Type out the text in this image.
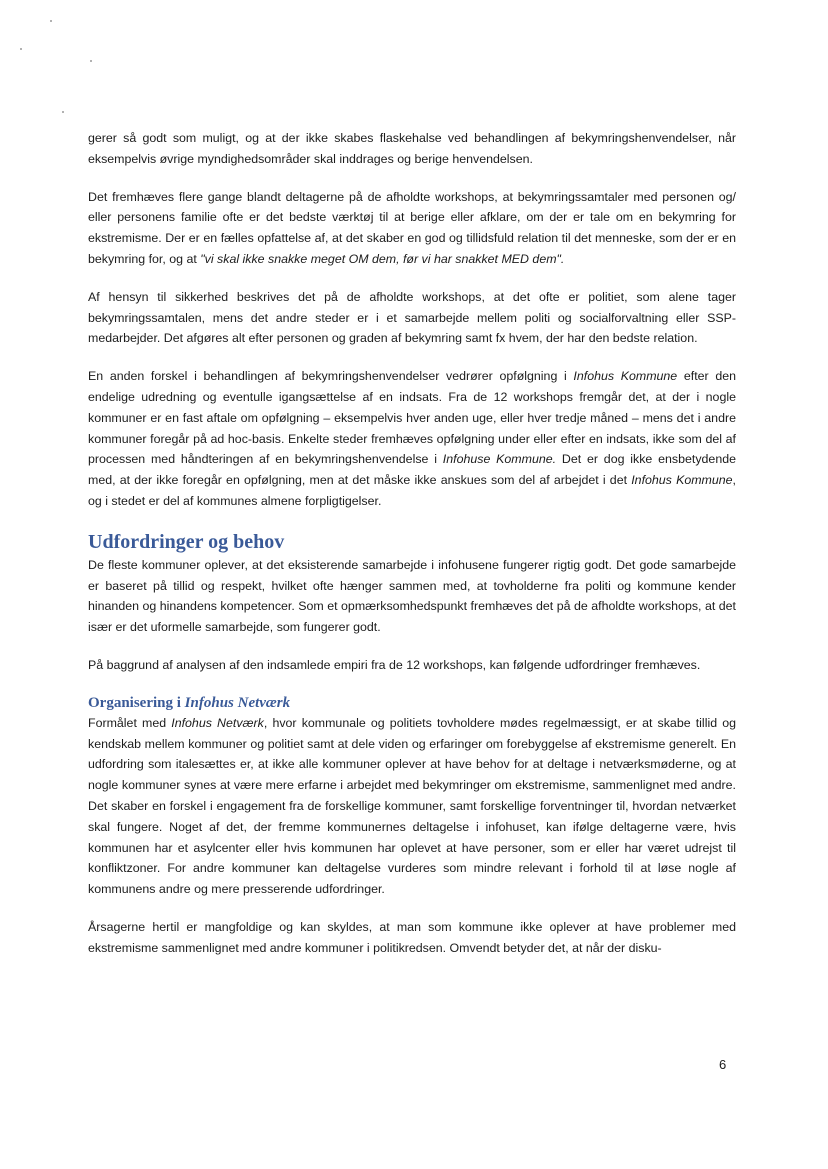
gerer så godt som muligt, og at der ikke skabes flaskehalse ved behandlingen af bekymringshenvendelser, når eksempelvis øvrige myndighedsområder skal inddrages og berige henvendelsen.

Det fremhæves flere gange blandt deltagerne på de afholdte workshops, at bekymringssamtaler med personen og/ eller personens familie ofte er det bedste værktøj til at berige eller afklare, om der er tale om en bekymring for ekstremisme. Der er en fælles opfattelse af, at det skaber en god og tillidsfuld relation til det menneske, som der er en bekymring for, og at "vi skal ikke snakke meget OM dem, før vi har snakket MED dem".

Af hensyn til sikkerhed beskrives det på de afholdte workshops, at det ofte er politiet, som alene tager bekymringssamtalen, mens det andre steder er i et samarbejde mellem politi og socialforvaltning eller SSP-medarbejder. Det afgøres alt efter personen og graden af bekymring samt fx hvem, der har den bedste relation.

En anden forskel i behandlingen af bekymringshenvendelser vedrører opfølgning i Infohus Kommune efter den endelige udredning og eventulle igangsættelse af en indsats. Fra de 12 workshops fremgår det, at der i nogle kommuner er en fast aftale om opfølgning – eksempelvis hver anden uge, eller hver tredje måned – mens det i andre kommuner foregår på ad hoc-basis. Enkelte steder fremhæves opfølgning under eller efter en indsats, ikke som del af processen med håndteringen af en bekymringshenvendelse i Infohuse Kommune. Det er dog ikke ensbetydende med, at der ikke foregår en opfølgning, men at det måske ikke anskues som del af arbejdet i det Infohus Kommune, og i stedet er del af kommunes almene forpligtigelser.

Udfordringer og behov

De fleste kommuner oplever, at det eksisterende samarbejde i infohusene fungerer rigtig godt. Det gode samarbejde er baseret på tillid og respekt, hvilket ofte hænger sammen med, at tovholderne fra politi og kommune kender hinanden og hinandens kompetencer. Som et opmærksomhedspunkt fremhæves det på de afholdte workshops, at det især er det uformelle samarbejde, som fungerer godt.

På baggrund af analysen af den indsamlede empiri fra de 12 workshops, kan følgende udfordringer fremhæves.

Organisering i Infohus Netværk

Formålet med Infohus Netværk, hvor kommunale og politiets tovholdere mødes regelmæssigt, er at skabe tillid og kendskab mellem kommuner og politiet samt at dele viden og erfaringer om forebyggelse af ekstremisme generelt. En udfordring som italesættes er, at ikke alle kommuner oplever at have behov for at deltage i netværksmøderne, og at nogle kommuner synes at være mere erfarne i arbejdet med bekymringer om ekstremisme, sammenlignet med andre. Det skaber en forskel i engagement fra de forskellige kommuner, samt forskellige forventninger til, hvordan netværket skal fungere. Noget af det, der fremme kommunernes deltagelse i infohuset, kan ifølge deltagerne være, hvis kommunen har et asylcenter eller hvis kommunen har oplevet at have personer, som er eller har været udrejst til konfliktzoner. For andre kommuner kan deltagelse vurderes som mindre relevant i forhold til at løse nogle af kommunens andre og mere presserende udfordringer.

Årsagerne hertil er mangfoldige og kan skyldes, at man som kommune ikke oplever at have problemer med ekstremisme sammenlignet med andre kommuner i politikredsen. Omvendt betyder det, at når der disku-

6
